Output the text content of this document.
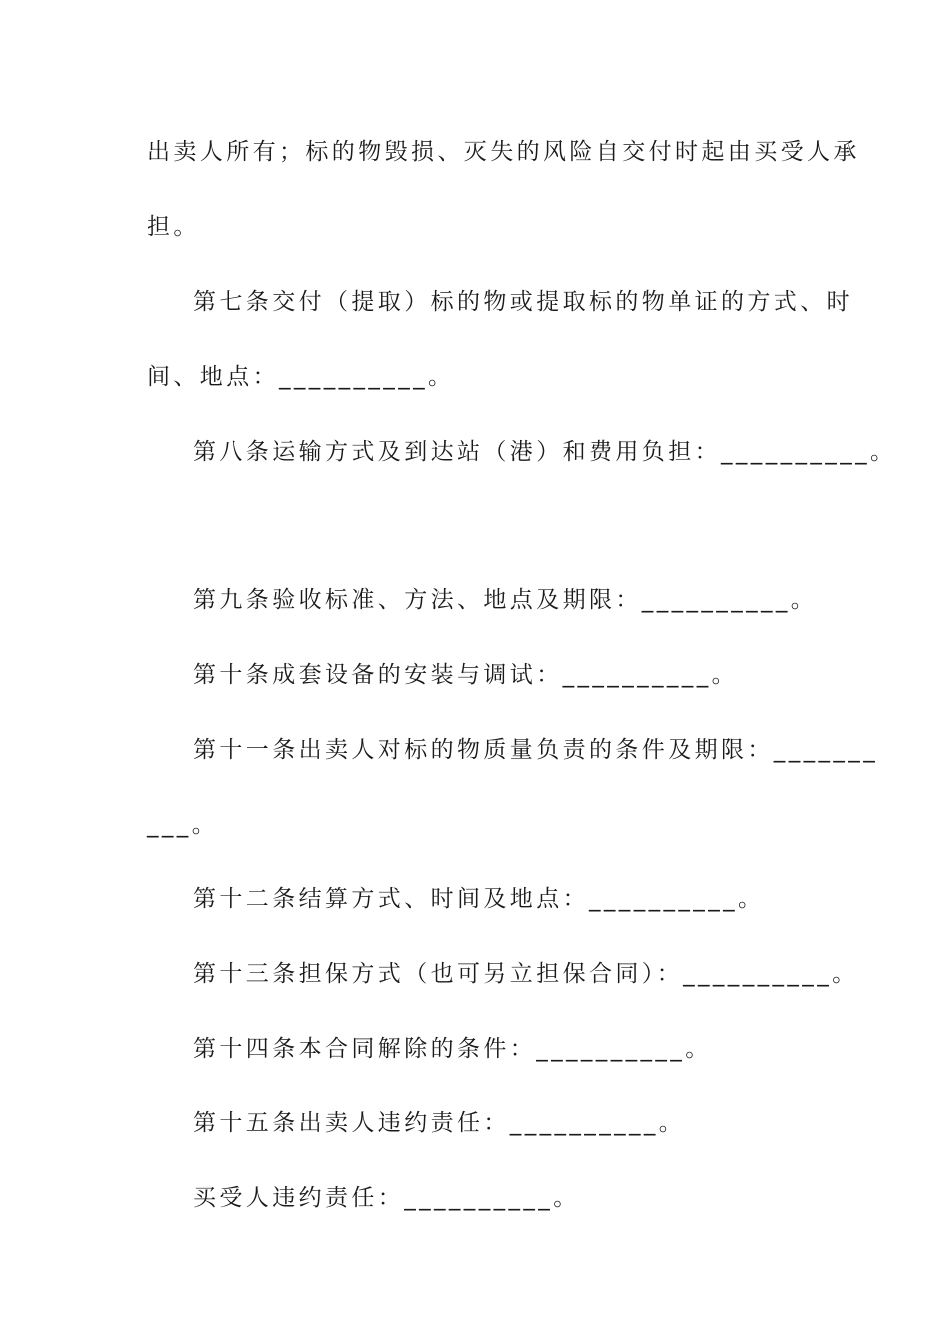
出卖人所有；标的物毁损、灭失的风险自交付时起由买受人承
担。
第七条交付（提取）标的物或提取标的物单证的方式、时
间、地点：__________。
第八条运输方式及到达站（港）和费用负担：__________。
第九条验收标准、方法、地点及期限：__________。
第十条成套设备的安装与调试：__________。
第十一条出卖人对标的物质量负责的条件及期限：_______
___。
第十二条结算方式、时间及地点：__________。
第十三条担保方式（也可另立担保合同）：__________。
第十四条本合同解除的条件：__________。
第十五条出卖人违约责任：__________。
买受人违约责任：__________。
